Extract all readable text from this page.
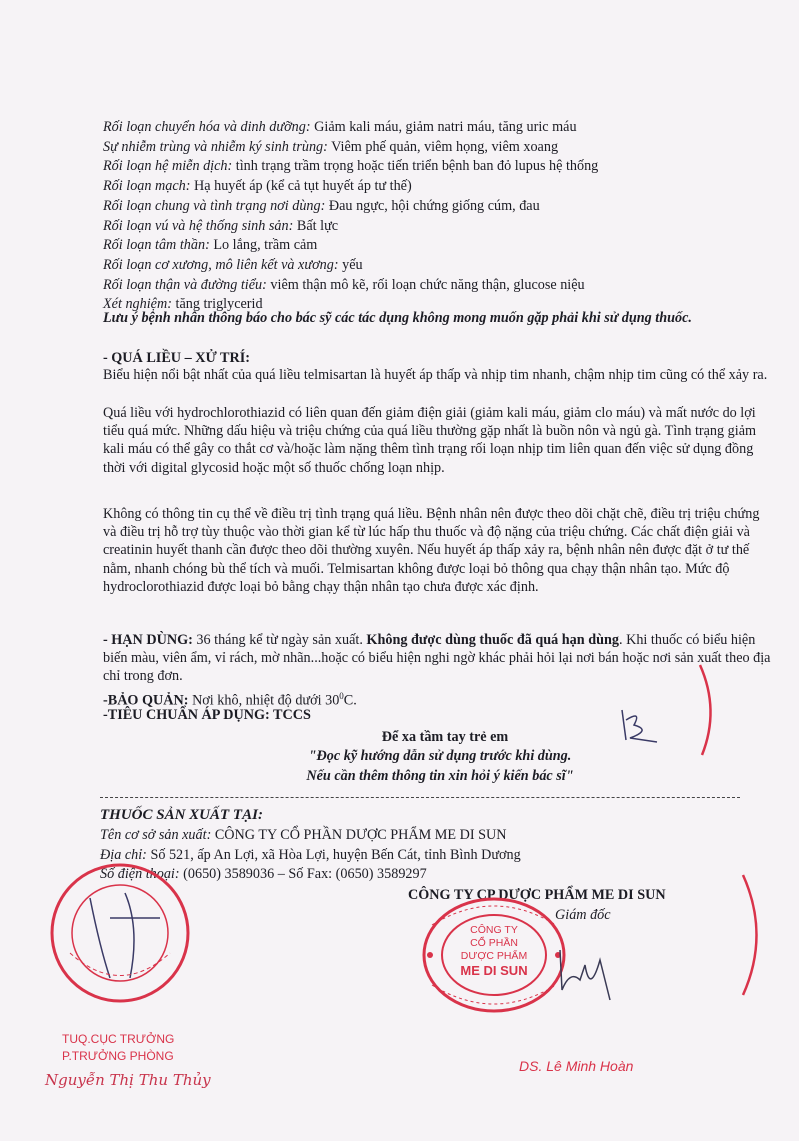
Rối loạn chuyển hóa và dinh dưỡng: Giảm kali máu, giảm natri máu, tăng uric máu
Sự nhiễm trùng và nhiễm ký sinh trùng: Viêm phế quản, viêm họng, viêm xoang
Rối loạn hệ miễn dịch: tình trạng trầm trọng hoặc tiến triển bệnh ban đỏ lupus hệ thống
Rối loạn mạch: Hạ huyết áp (kể cả tụt huyết áp tư thế)
Rối loạn chung và tình trạng nơi dùng: Đau ngực, hội chứng giống cúm, đau
Rối loạn vú và hệ thống sinh sản: Bất lực
Rối loạn tâm thần: Lo lắng, trầm cảm
Rối loạn cơ xương, mô liên kết và xương: yếu
Rối loạn thận và đường tiểu: viêm thận mô kẽ, rối loạn chức năng thận, glucose niệu
Xét nghiệm: tăng triglycerid
Lưu ý bệnh nhân thông báo cho bác sỹ các tác dụng không mong muốn gặp phải khi sử dụng thuốc.
- QUÁ LIỀU – XỬ TRÍ:
Biểu hiện nổi bật nhất của quá liều telmisartan là huyết áp thấp và nhịp tim nhanh, chậm nhịp tim cũng có thể xảy ra.
Quá liều với hydrochlorothiazid có liên quan đến giảm điện giải (giảm kali máu, giảm clo máu) và mất nước do lợi tiểu quá mức. Những dấu hiệu và triệu chứng của quá liều thường gặp nhất là buồn nôn và ngủ gà. Tình trạng giảm kali máu có thể gây co thắt cơ và/hoặc làm nặng thêm tình trạng rối loạn nhịp tim liên quan đến việc sử dụng đồng thời với digital glycosid hoặc một số thuốc chống loạn nhịp.
Không có thông tin cụ thể về điều trị tình trạng quá liều. Bệnh nhân nên được theo dõi chặt chẽ, điều trị triệu chứng và điều trị hỗ trợ tùy thuộc vào thời gian kể từ lúc hấp thu thuốc và độ nặng của triệu chứng. Các chất điện giải và creatinin huyết thanh cần được theo dõi thường xuyên. Nếu huyết áp thấp xảy ra, bệnh nhân nên được đặt ở tư thế nằm, nhanh chóng bù thể tích và muối. Telmisartan không được loại bỏ thông qua chạy thận nhân tạo. Mức độ hydroclorothiazid được loại bỏ bằng chạy thận nhân tạo chưa được xác định.
- HẠN DÙNG: 36 tháng kể từ ngày sản xuất. Không được dùng thuốc đã quá hạn dùng. Khi thuốc có biểu hiện biến màu, viên ẩm, vỉ rách, mờ nhãn...hoặc có biểu hiện nghi ngờ khác phải hỏi lại nơi bán hoặc nơi sản xuất theo địa chỉ trong đơn.
-BẢO QUẢN: Nơi khô, nhiệt độ dưới $30^0C$.
-TIÊU CHUẨN ÁP DỤNG: TCCS
Để xa tầm tay trẻ em
"Đọc kỹ hướng dẫn sử dụng trước khi dùng.
Nếu cần thêm thông tin xin hỏi ý kiến bác sĩ"
THUỐC SẢN XUẤT TẠI:
Tên cơ sở sản xuất: CÔNG TY CỔ PHẦN DƯỢC PHẨM ME DI SUN
Địa chỉ: Số 521, ấp An Lợi, xã Hòa Lợi, huyện Bến Cát, tỉnh Bình Dương
Số điện thoại: (0650) 3589036 – Số Fax: (0650) 3589297
CÔNG TY CP DƯỢC PHẨM ME DI SUN
Giám đốc
CÔNG TY
CỔ PHẦN
DƯỢC PHẨM
ME DI SUN
DS. Lê Minh Hoàn
TUQ.CỤC TRƯỞNG
P.TRƯỞNG PHÒNG
Nguyễn Thị Thu Thủy
